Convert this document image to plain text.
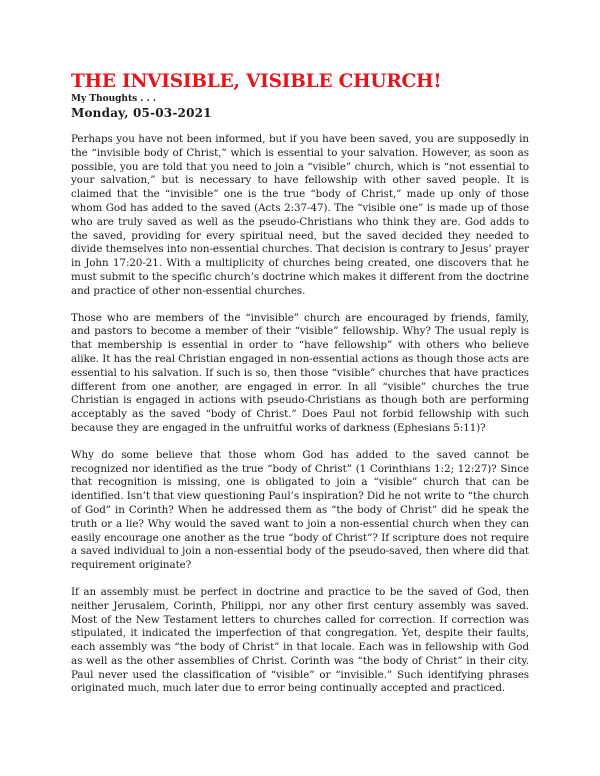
THE INVISIBLE, VISIBLE CHURCH!
My Thoughts . . .
Monday, 05-03-2021

Perhaps you have not been informed, but if you have been saved, you are supposedly in the “invisible body of Christ,” which is essential to your salvation. However, as soon as possible, you are told that you need to join a “visible” church, which is “not essential to your salvation,” but is necessary to have fellowship with other saved people. It is claimed that the “invisible” one is the true “body of Christ,” made up only of those whom God has added to the saved (Acts 2:37-47). The “visible one” is made up of those who are truly saved as well as the pseudo-Christians who think they are. God adds to the saved, providing for every spiritual need, but the saved decided they needed to divide themselves into non-essential churches. That decision is contrary to Jesus’ prayer in John 17:20-21. With a multiplicity of churches being created, one discovers that he must submit to the specific church’s doctrine which makes it different from the doctrine and practice of other non-essential churches.

Those who are members of the “invisible” church are encouraged by friends, family, and pastors to become a member of their “visible” fellowship. Why? The usual reply is that membership is essential in order to “have fellowship” with others who believe alike. It has the real Christian engaged in non-essential actions as though those acts are essential to his salvation. If such is so, then those “visible” churches that have practices different from one another, are engaged in error. In all “visible” churches the true Christian is engaged in actions with pseudo-Christians as though both are performing acceptably as the saved “body of Christ.” Does Paul not forbid fellowship with such because they are engaged in the unfruitful works of darkness (Ephesians 5:11)?

Why do some believe that those whom God has added to the saved cannot be recognized nor identified as the true “body of Christ” (1 Corinthians 1:2; 12:27)? Since that recognition is missing, one is obligated to join a “visible” church that can be identified. Isn’t that view questioning Paul’s inspiration? Did he not write to “the church of God” in Corinth? When he addressed them as “the body of Christ” did he speak the truth or a lie? Why would the saved want to join a non-essential church when they can easily encourage one another as the true “body of Christ”? If scripture does not require a saved individual to join a non-essential body of the pseudo-saved, then where did that requirement originate?

If an assembly must be perfect in doctrine and practice to be the saved of God, then neither Jerusalem, Corinth, Philippi, nor any other first century assembly was saved. Most of the New Testament letters to churches called for correction. If correction was stipulated, it indicated the imperfection of that congregation. Yet, despite their faults, each assembly was “the body of Christ” in that locale. Each was in fellowship with God as well as the other assemblies of Christ. Corinth was “the body of Christ” in their city. Paul never used the classification of “visible” or “invisible.” Such identifying phrases originated much, much later due to error being continually accepted and practiced.
